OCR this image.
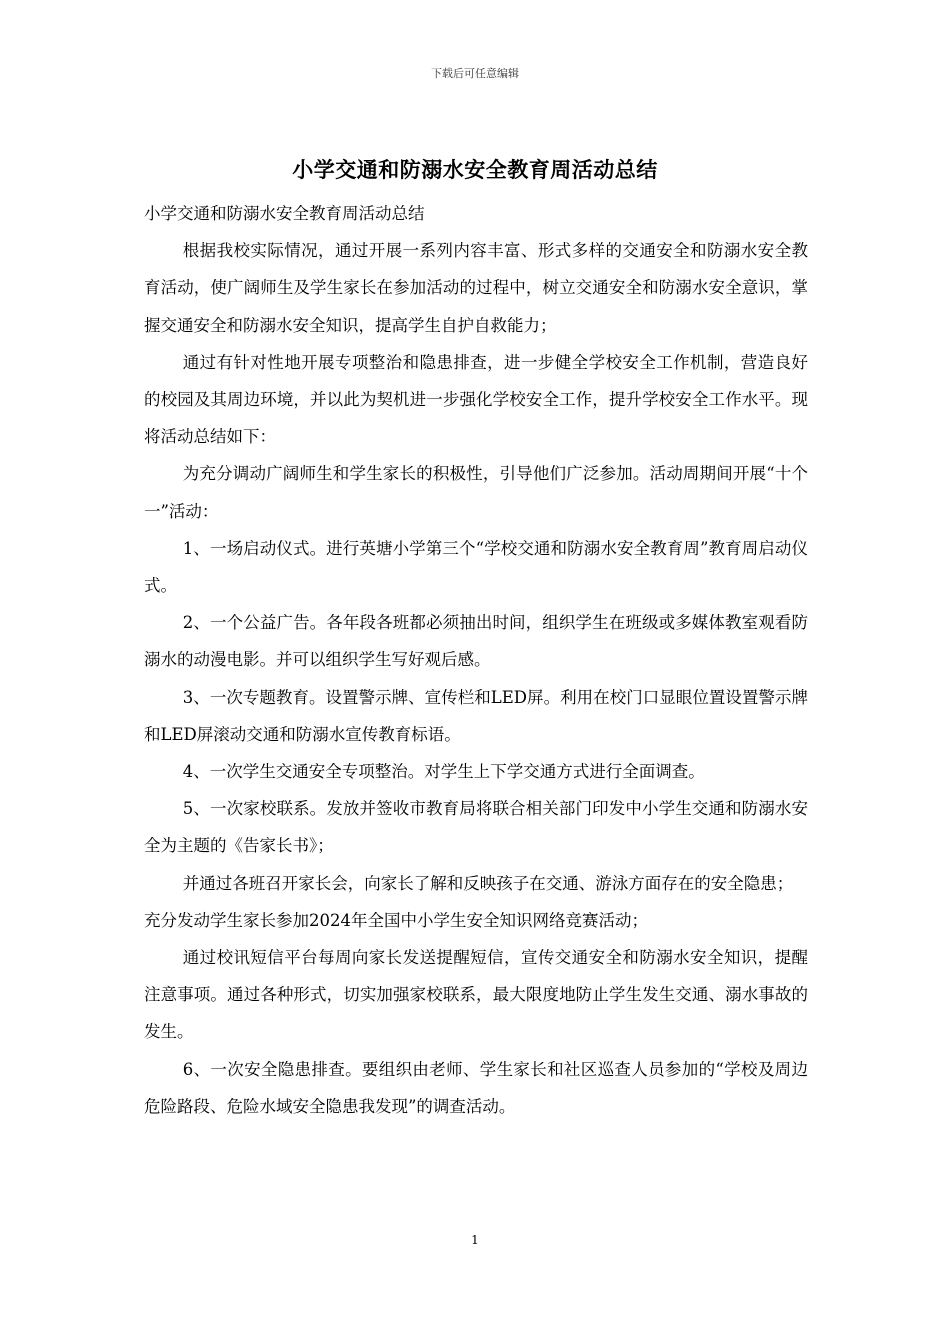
下载后可任意编辑
小学交通和防溺水安全教育周活动总结

小学交通和防溺水安全教育周活动总结

根据我校实际情况，通过开展一系列内容丰富、形式多样的交通安全和防溺水安全教育活动，使广阔师生及学生家长在参加活动的过程中，树立交通安全和防溺水安全意识，掌握交通安全和防溺水安全知识，提高学生自护自救能力；

通过有针对性地开展专项整治和隐患排查，进一步健全学校安全工作机制，营造良好的校园及其周边环境，并以此为契机进一步强化学校安全工作，提升学校安全工作水平。现将活动总结如下：

为充分调动广阔师生和学生家长的积极性，引导他们广泛参加。活动周期间开展“十个一”活动：

1、一场启动仪式。进行英塘小学第三个“学校交通和防溺水安全教育周”教育周启动仪式。

2、一个公益广告。各年段各班都必须抽出时间，组织学生在班级或多媒体教室观看防溺水的动漫电影。并可以组织学生写好观后感。

3、一次专题教育。设置警示牌、宣传栏和LED屏。利用在校门口显眼位置设置警示牌和LED屏滚动交通和防溺水宣传教育标语。

4、一次学生交通安全专项整治。对学生上下学交通方式进行全面调查。

5、一次家校联系。发放并签收市教育局将联合相关部门印发中小学生交通和防溺水安全为主题的《告家长书》；

并通过各班召开家长会，向家长了解和反映孩子在交通、游泳方面存在的安全隐患；

充分发动学生家长参加2024年全国中小学生安全知识网络竞赛活动；

通过校讯短信平台每周向家长发送提醒短信，宣传交通安全和防溺水安全知识，提醒注意事项。通过各种形式，切实加强家校联系，最大限度地防止学生发生交通、溺水事故的发生。

6、一次安全隐患排查。要组织由老师、学生家长和社区巡查人员参加的“学校及周边危险路段、危险水域安全隐患我发现”的调查活动。

1
